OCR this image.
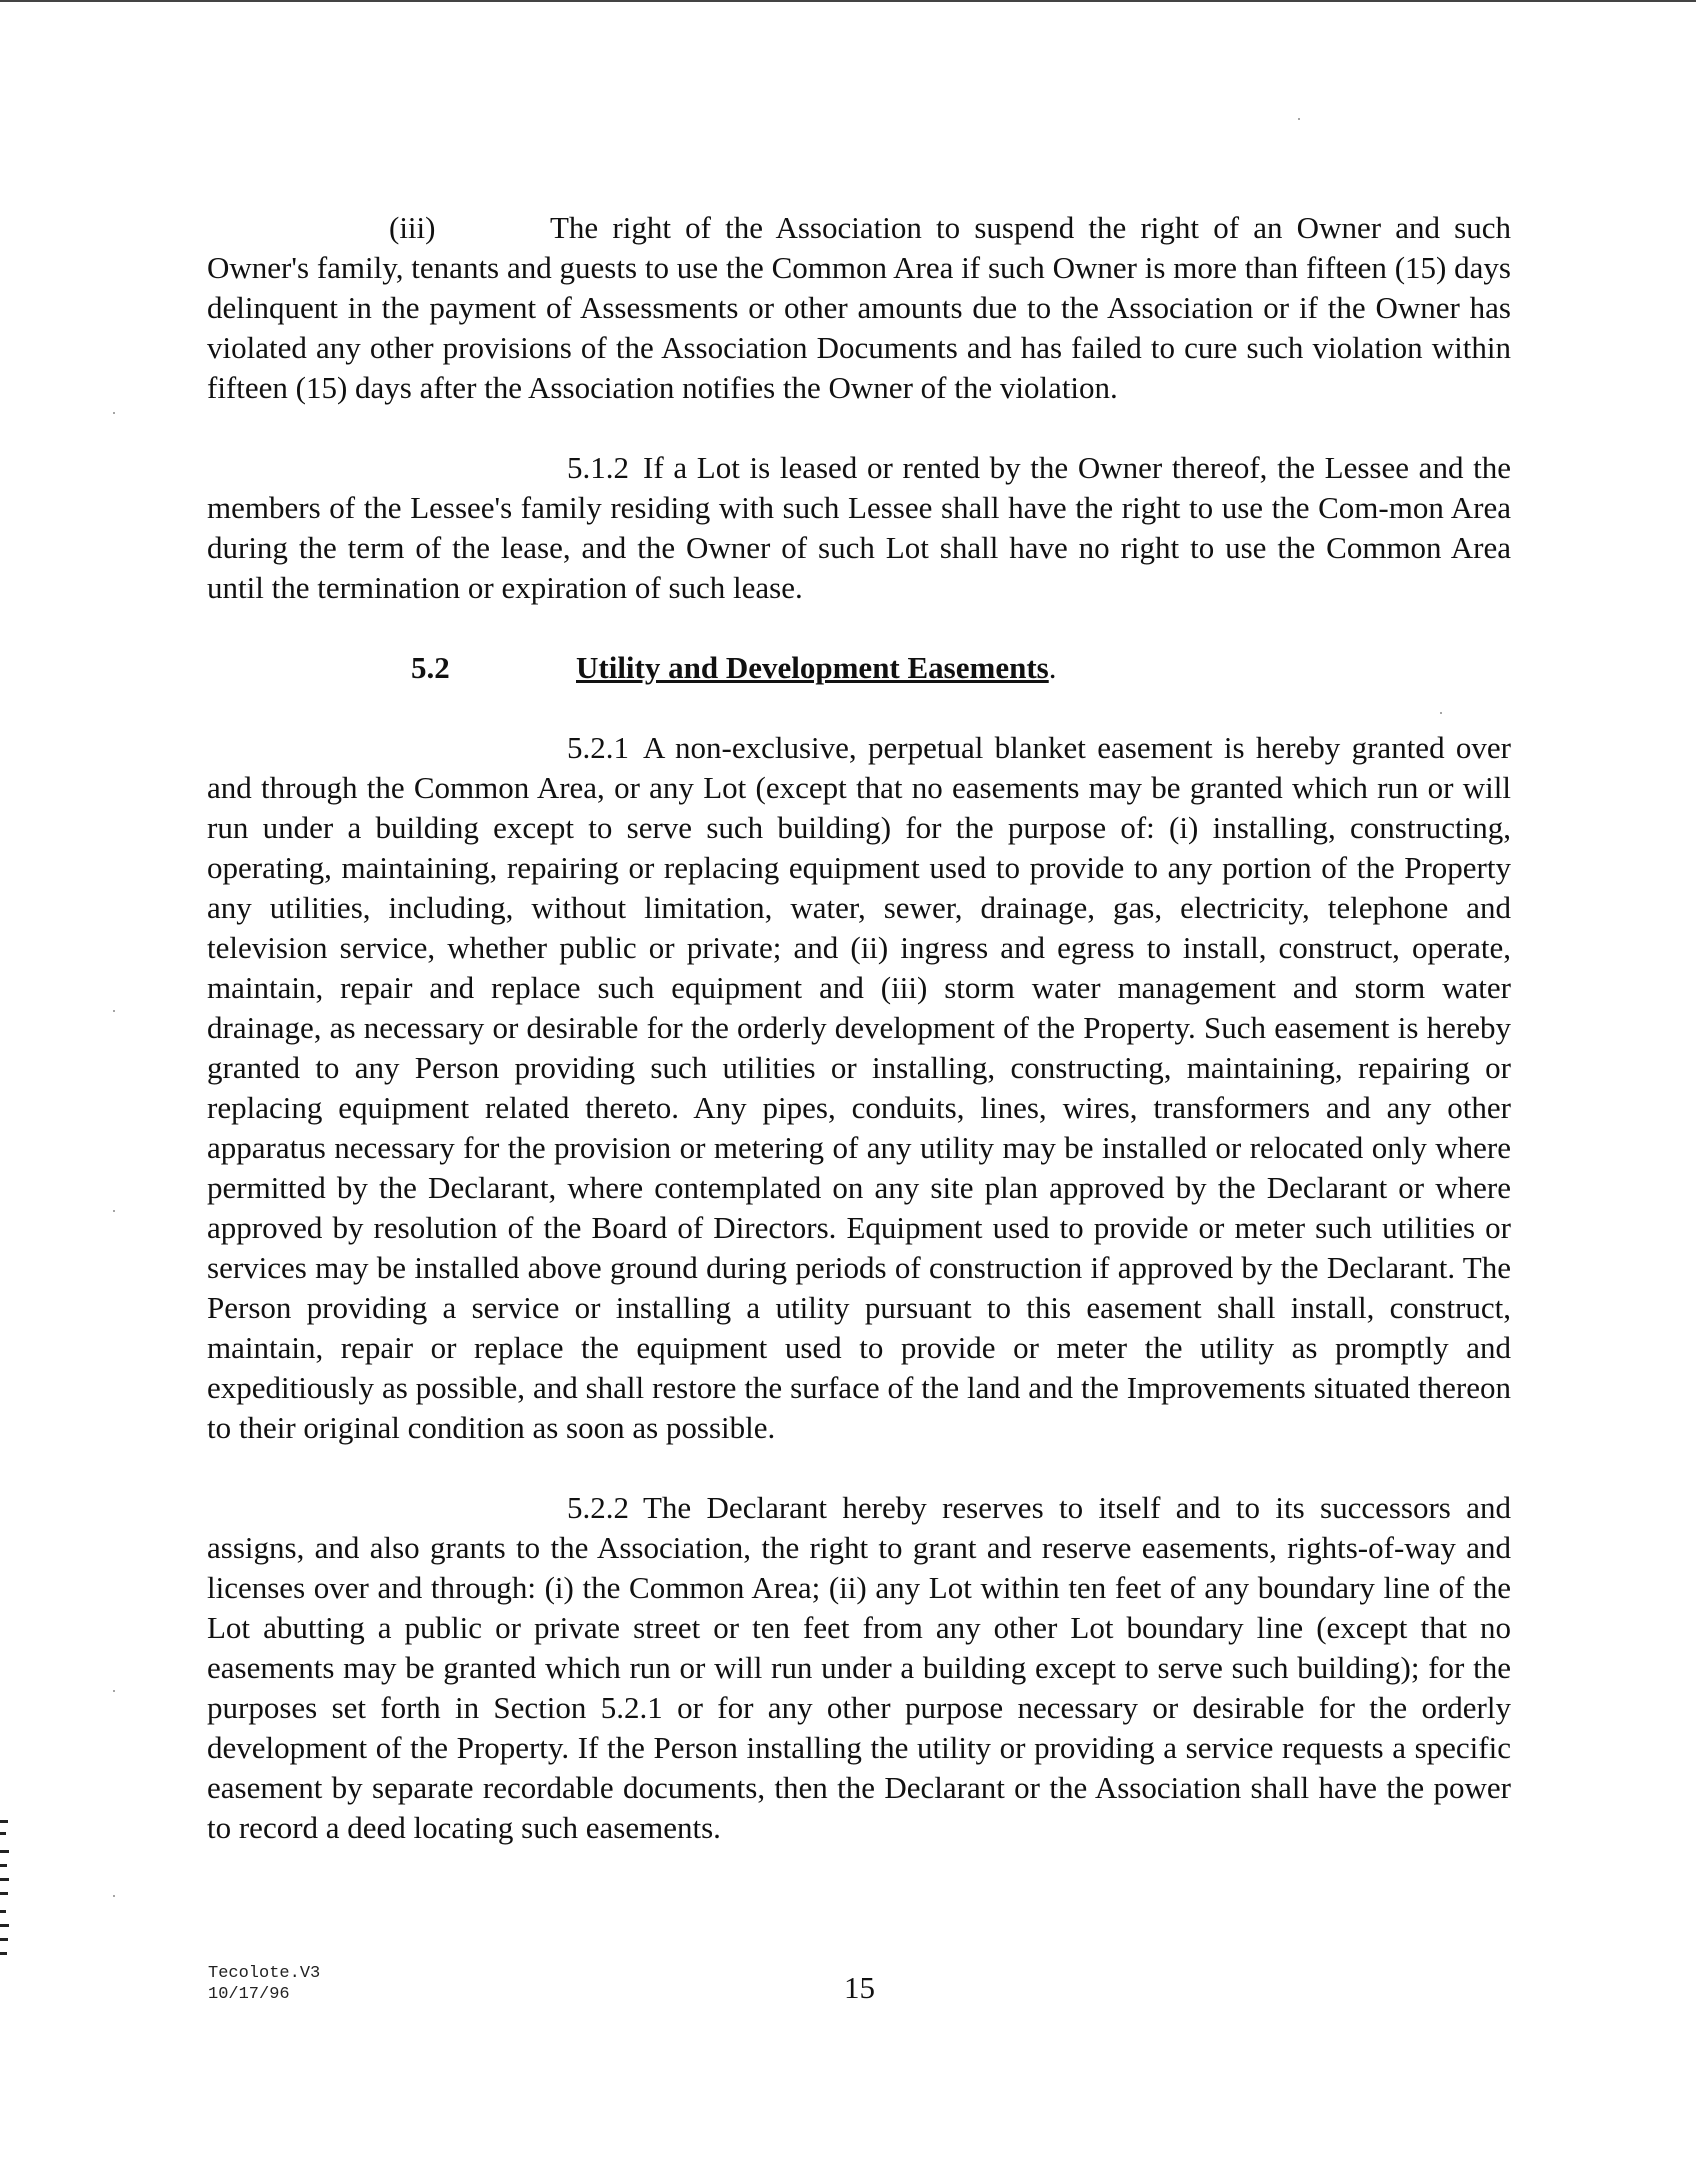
(iii)	The right of the Association to suspend the right of an Owner and such Owner's family, tenants and guests to use the Common Area if such Owner is more than fifteen (15) days delinquent in the payment of Assessments or other amounts due to the Association or if the Owner has violated any other provisions of the Association Documents and has failed to cure such violation within fifteen (15) days after the Association notifies the Owner of the violation.

5.1.2 If a Lot is leased or rented by the Owner thereof, the Lessee and the members of the Lessee's family residing with such Lessee shall have the right to use the Com-mon Area during the term of the lease, and the Owner of such Lot shall have no right to use the Common Area until the termination or expiration of such lease.

5.2	Utility and Development Easements.

5.2.1 A non-exclusive, perpetual blanket easement is hereby granted over and through the Common Area, or any Lot (except that no easements may be granted which run or will run under a building except to serve such building) for the purpose of: (i) installing, constructing, operating, maintaining, repairing or replacing equipment used to provide to any portion of the Property any utilities, including, without limitation, water, sewer, drainage, gas, electricity, telephone and television service, whether public or private; and (ii) ingress and egress to install, construct, operate, maintain, repair and replace such equipment and (iii) storm water management and storm water drainage, as necessary or desirable for the orderly development of the Property. Such easement is hereby granted to any Person providing such utilities or installing, constructing, maintaining, repairing or replacing equipment related thereto. Any pipes, conduits, lines, wires, transformers and any other apparatus necessary for the provision or metering of any utility may be installed or relocated only where permitted by the Declarant, where contemplated on any site plan approved by the Declarant or where approved by resolution of the Board of Directors. Equipment used to provide or meter such utilities or services may be installed above ground during periods of construction if approved by the Declarant. The Person providing a service or installing a utility pursuant to this easement shall install, construct, maintain, repair or replace the equipment used to provide or meter the utility as promptly and expeditiously as possible, and shall restore the surface of the land and the Improvements situated thereon to their original condition as soon as possible.

5.2.2 The Declarant hereby reserves to itself and to its successors and assigns, and also grants to the Association, the right to grant and reserve easements, rights-of-way and licenses over and through: (i) the Common Area; (ii) any Lot within ten feet of any boundary line of the Lot abutting a public or private street or ten feet from any other Lot boundary line (except that no easements may be granted which run or will run under a building except to serve such building); for the purposes set forth in Section 5.2.1 or for any other purpose necessary or desirable for the orderly development of the Property. If the Person installing the utility or providing a service requests a specific easement by separate recordable documents, then the Declarant or the Association shall have the power to record a deed locating such easements.

Tecolote.V3
10/17/96	15
